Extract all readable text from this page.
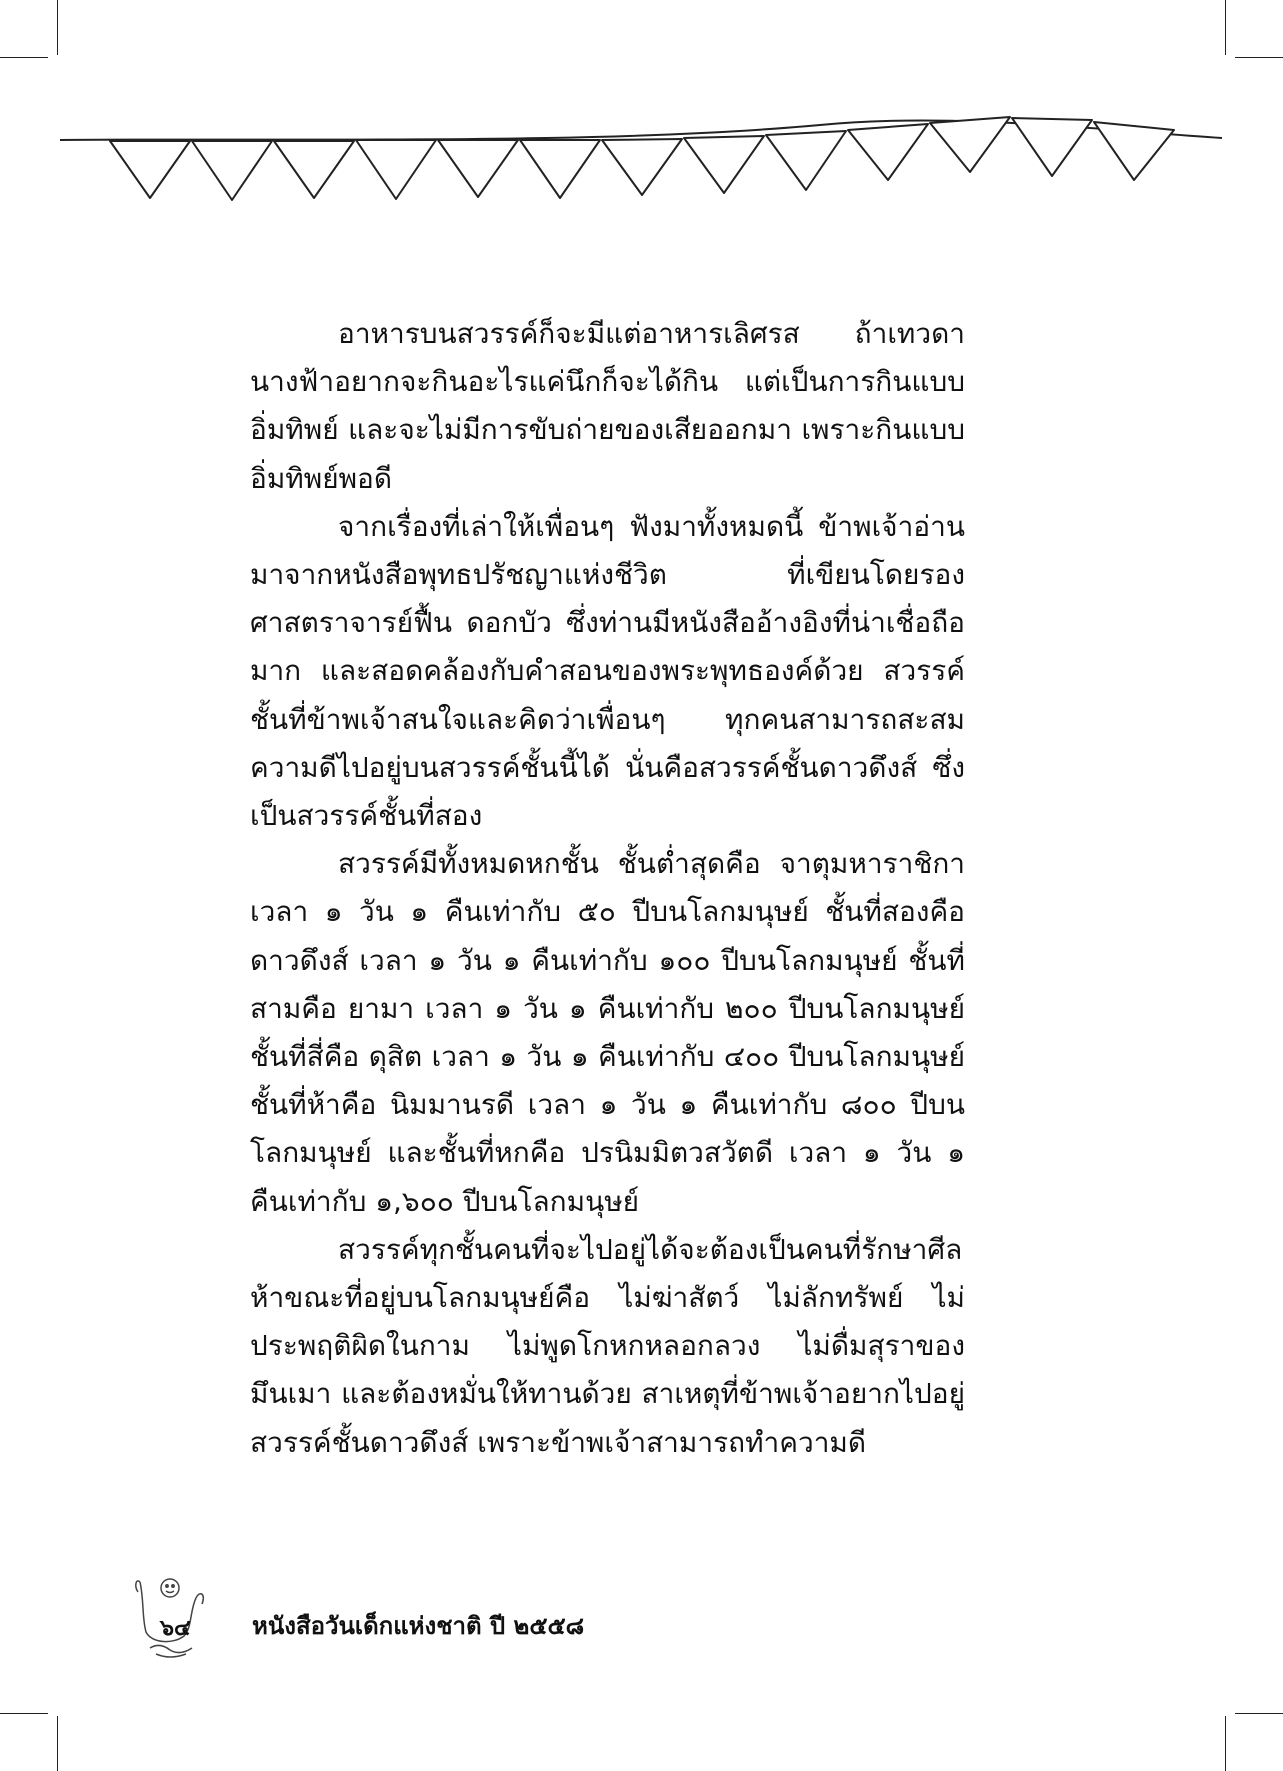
อาหารบนสวรรค์ก็จะมีแต่อาหารเลิศรส ถ้าเทวดานางฟ้าอยากจะกินอะไรแค่นึกก็จะได้กิน แต่เป็นการกินแบบอิ่มทิพย์ และจะไม่มีการขับถ่ายของเสียออกมา เพราะกินแบบอิ่มทิพย์พอดี

จากเรื่องที่เล่าให้เพื่อนๆ ฟังมาทั้งหมดนี้ ข้าพเจ้าอ่านมาจากหนังสือพุทธปรัชญาแห่งชีวิต ที่เขียนโดยรองศาสตราจารย์ฟื้น ดอกบัว ซึ่งท่านมีหนังสืออ้างอิงที่น่าเชื่อถือมาก และสอดคล้องกับคำสอนของพระพุทธองค์ด้วย สวรรค์ชั้นที่ข้าพเจ้าสนใจและคิดว่าเพื่อนๆ ทุกคนสามารถสะสมความดีไปอยู่บนสวรรค์ชั้นนี้ได้ นั่นคือสวรรค์ชั้นดาวดึงส์ ซึ่งเป็นสวรรค์ชั้นที่สอง

สวรรค์มีทั้งหมดหกชั้น ชั้นต่ำสุดคือ จาตุมหาราชิกา เวลา ๑ วัน ๑ คืนเท่ากับ ๕๐ ปีบนโลกมนุษย์ ชั้นที่สองคือ ดาวดึงส์ เวลา ๑ วัน ๑ คืนเท่ากับ ๑๐๐ ปีบนโลกมนุษย์ ชั้นที่สามคือ ยามา เวลา ๑ วัน ๑ คืนเท่ากับ ๒๐๐ ปีบนโลกมนุษย์ ชั้นที่สี่คือ ดุสิต เวลา ๑ วัน ๑ คืนเท่ากับ ๔๐๐ ปีบนโลกมนุษย์ ชั้นที่ห้าคือ นิมมานรดี เวลา ๑ วัน ๑ คืนเท่ากับ ๘๐๐ ปีบนโลกมนุษย์ และชั้นที่หกคือ ปรนิมมิตวสวัตดี เวลา ๑ วัน ๑ คืนเท่ากับ ๑,๖๐๐ ปีบนโลกมนุษย์

สวรรค์ทุกชั้นคนที่จะไปอยู่ได้จะต้องเป็นคนที่รักษาศีลห้าขณะที่อยู่บนโลกมนุษย์คือ ไม่ฆ่าสัตว์ ไม่ลักทรัพย์ ไม่ประพฤติผิดในกาม ไม่พูดโกหกหลอกลวง ไม่ดื่มสุราของมึนเมา และต้องหมั่นให้ทานด้วย สาเหตุที่ข้าพเจ้าอยากไปอยู่สวรรค์ชั้นดาวดึงส์ เพราะข้าพเจ้าสามารถทำความดี

๖๔	หนังสือวันเด็กแห่งชาติ ปี ๒๕๕๘
